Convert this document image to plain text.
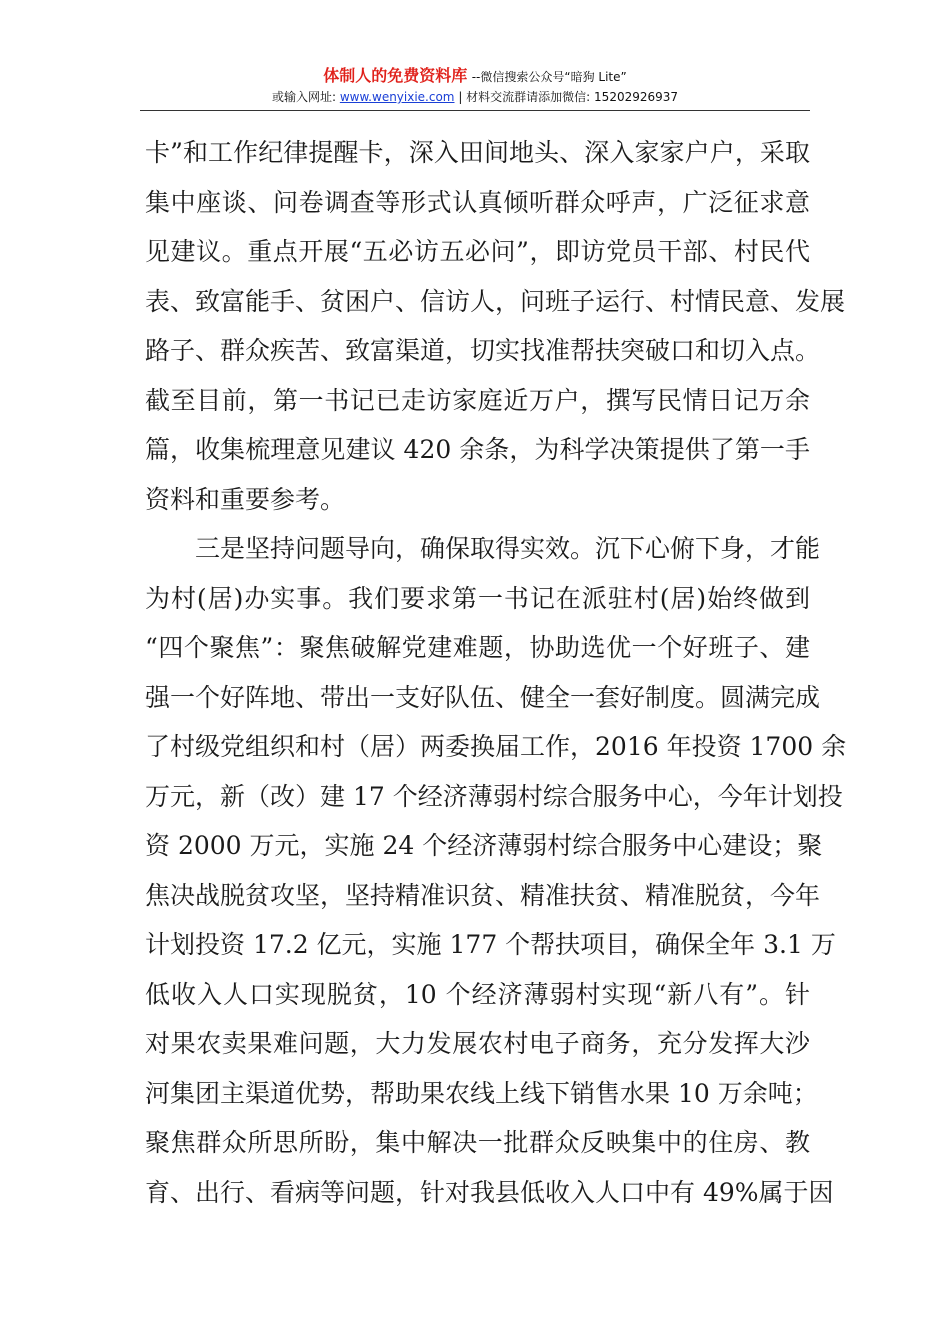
体制人的免费资料库 --微信搜索公众号“暗狗 Lite”
或输入网址: www.wenyixie.com | 材料交流群请添加微信: 15202926937
卡”和工作纪律提醒卡，深入田间地头、深入家家户户，采取
集中座谈、问卷调查等形式认真倾听群众呼声，广泛征求意
见建议。重点开展“五必访五必问”，即访党员干部、村民代
表、致富能手、贫困户、信访人，问班子运行、村情民意、发展
路子、群众疾苦、致富渠道，切实找准帮扶突破口和切入点。
截至目前，第一书记已走访家庭近万户，撰写民情日记万余
篇，收集梳理意见建议 420 余条，为科学决策提供了第一手
资料和重要参考。
三是坚持问题导向，确保取得实效。沉下心俯下身，才能
为村(居)办实事。我们要求第一书记在派驻村(居)始终做到
“四个聚焦”：聚焦破解党建难题，协助选优一个好班子、建
强一个好阵地、带出一支好队伍、健全一套好制度。圆满完成
了村级党组织和村（居）两委换届工作，2016 年投资 1700 余
万元，新（改）建 17 个经济薄弱村综合服务中心，今年计划投
资 2000 万元，实施 24 个经济薄弱村综合服务中心建设；聚
焦决战脱贫攻坚，坚持精准识贫、精准扶贫、精准脱贫，今年
计划投资 17.2 亿元，实施 177 个帮扶项目，确保全年 3.1 万
低收入人口实现脱贫，10 个经济薄弱村实现“新八有”。针
对果农卖果难问题，大力发展农村电子商务，充分发挥大沙
河集团主渠道优势，帮助果农线上线下销售水果 10 万余吨；
聚焦群众所思所盼，集中解决一批群众反映集中的住房、教
育、出行、看病等问题，针对我县低收入人口中有 49%属于因
